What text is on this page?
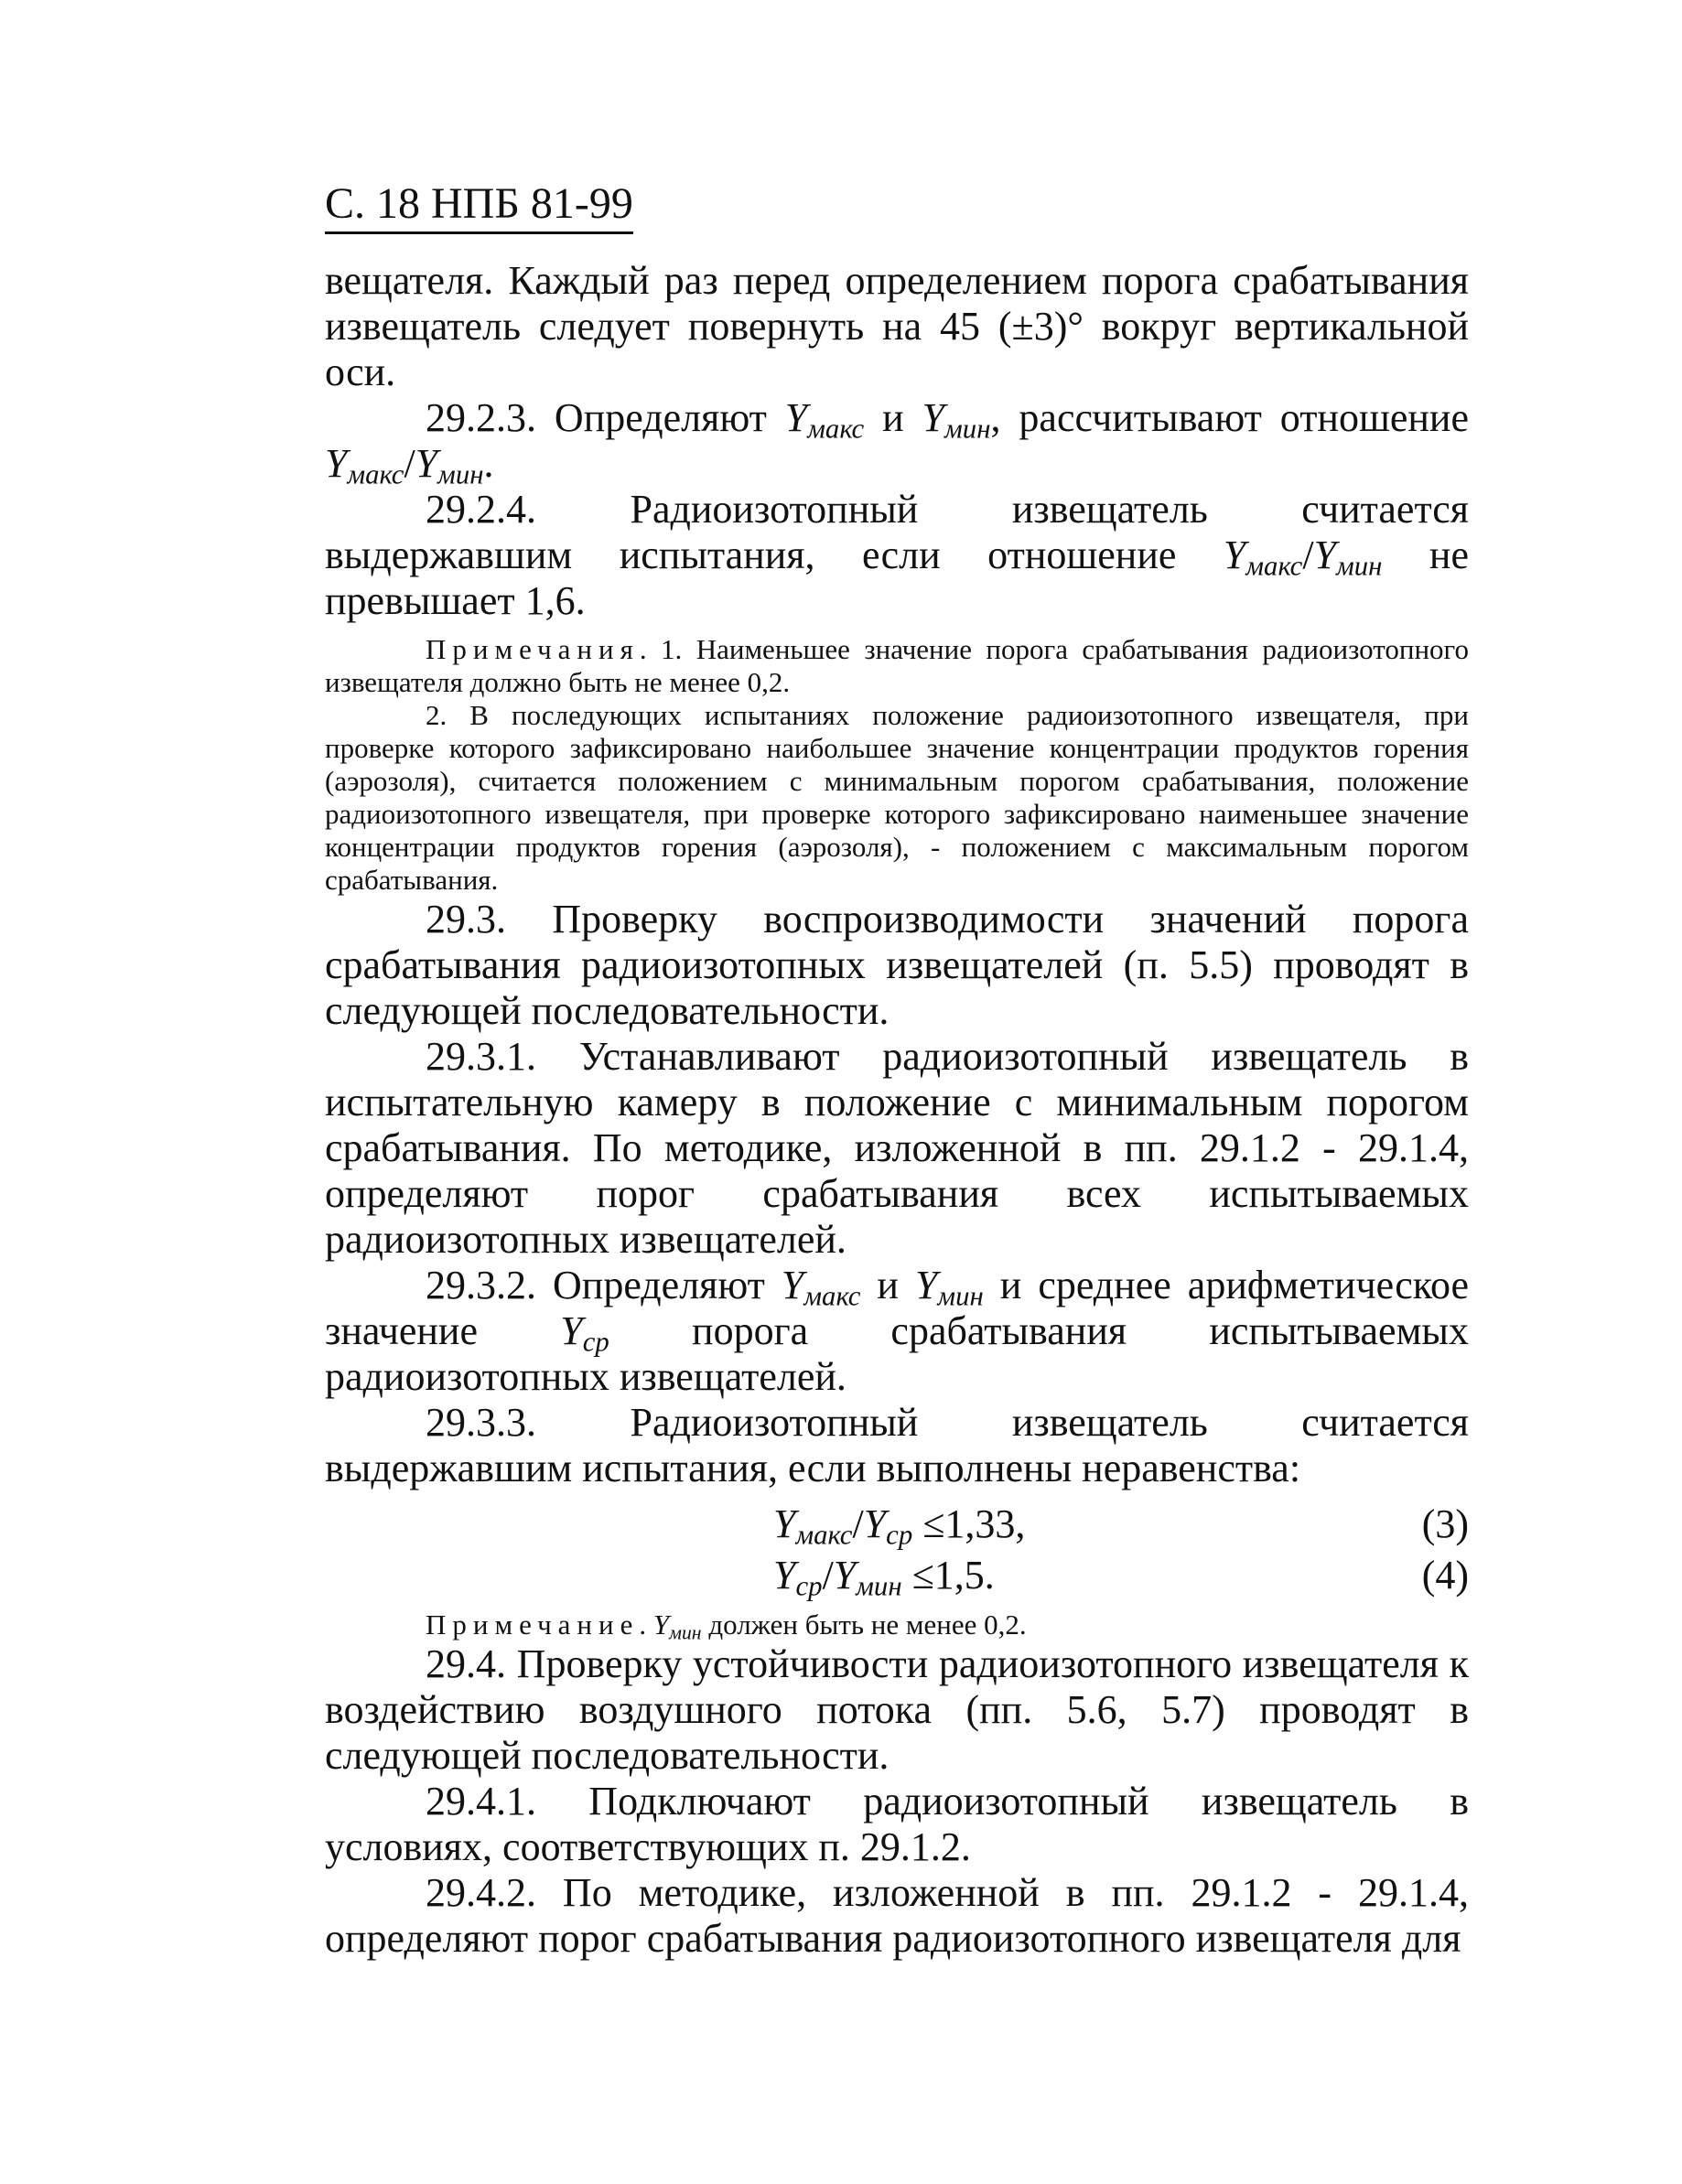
С. 18 НПБ 81-99

вещателя. Каждый раз перед определением порога срабатывания извещатель следует повернуть на 45 (±3)° вокруг вертикальной оси.

29.2.3. Определяют $Y_{макс}$ и $Y_{мин}$, рассчитывают отношение $Y_{макс}/Y_{мин}$.

29.2.4. Радиоизотопный извещатель считается выдержавшим испытания, если отношение $Y_{макс}/Y_{мин}$ не превышает 1,6.

Примечания. 1. Наименьшее значение порога срабатывания радиоизотопного извещателя должно быть не менее 0,2.

2. В последующих испытаниях положение радиоизотопного извещателя, при проверке которого зафиксировано наибольшее значение концентрации продуктов горения (аэрозоля), считается положением с минимальным порогом срабатывания, положение радиоизотопного извещателя, при проверке которого зафиксировано наименьшее значение концентрации продуктов горения (аэрозоля), - положением с максимальным порогом срабатывания.

29.3. Проверку воспроизводимости значений порога срабатывания радиоизотопных извещателей (п. 5.5) проводят в следующей последовательности.

29.3.1. Устанавливают радиоизотопный извещатель в испытательную камеру в положение с минимальным порогом срабатывания. По методике, изложенной в пп. 29.1.2 - 29.1.4, определяют порог срабатывания всех испытываемых радиоизотопных извещателей.

29.3.2. Определяют $Y_{макс}$ и $Y_{мин}$ и среднее арифметическое значение $Y_{ср}$ порога срабатывания испытываемых радиоизотопных извещателей.

29.3.3. Радиоизотопный извещатель считается выдержавшим испытания, если выполнены неравенства:

$Y_{макс}/Y_{ср} \le 1,33$,	(3)
$Y_{ср}/Y_{мин} \le 1,5$.	(4)

Примечание. $Y_{мин}$ должен быть не менее 0,2.

29.4. Проверку устойчивости радиоизотопного извещателя к воздействию воздушного потока (пп. 5.6, 5.7) проводят в следующей последовательности.

29.4.1. Подключают радиоизотопный извещатель в условиях, соответствующих п. 29.1.2.

29.4.2. По методике, изложенной в пп. 29.1.2 - 29.1.4, определяют порог срабатывания радиоизотопного извещателя для
